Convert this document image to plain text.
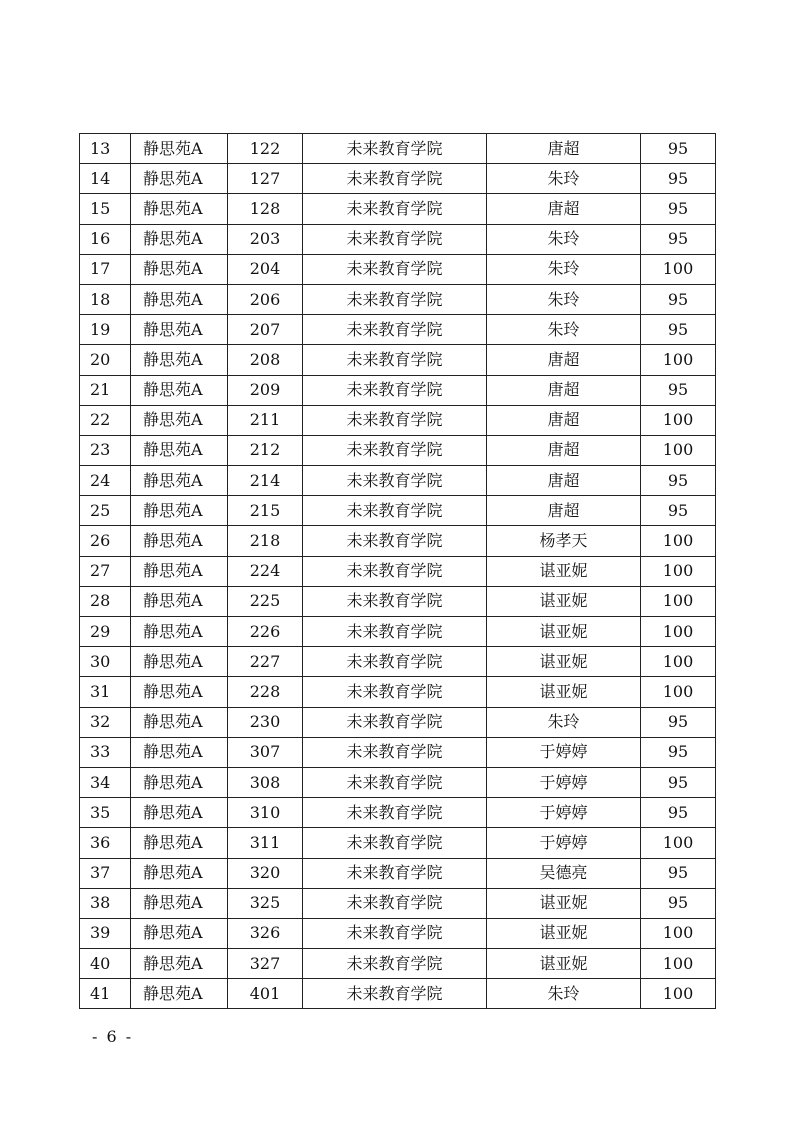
13	静思苑A	122	未来教育学院	唐超	95
14	静思苑A	127	未来教育学院	朱玲	95
15	静思苑A	128	未来教育学院	唐超	95
16	静思苑A	203	未来教育学院	朱玲	95
17	静思苑A	204	未来教育学院	朱玲	100
18	静思苑A	206	未来教育学院	朱玲	95
19	静思苑A	207	未来教育学院	朱玲	95
20	静思苑A	208	未来教育学院	唐超	100
21	静思苑A	209	未来教育学院	唐超	95
22	静思苑A	211	未来教育学院	唐超	100
23	静思苑A	212	未来教育学院	唐超	100
24	静思苑A	214	未来教育学院	唐超	95
25	静思苑A	215	未来教育学院	唐超	95
26	静思苑A	218	未来教育学院	杨孝天	100
27	静思苑A	224	未来教育学院	谌亚妮	100
28	静思苑A	225	未来教育学院	谌亚妮	100
29	静思苑A	226	未来教育学院	谌亚妮	100
30	静思苑A	227	未来教育学院	谌亚妮	100
31	静思苑A	228	未来教育学院	谌亚妮	100
32	静思苑A	230	未来教育学院	朱玲	95
33	静思苑A	307	未来教育学院	于婷婷	95
34	静思苑A	308	未来教育学院	于婷婷	95
35	静思苑A	310	未来教育学院	于婷婷	95
36	静思苑A	311	未来教育学院	于婷婷	100
37	静思苑A	320	未来教育学院	吴德亮	95
38	静思苑A	325	未来教育学院	谌亚妮	95
39	静思苑A	326	未来教育学院	谌亚妮	100
40	静思苑A	327	未来教育学院	谌亚妮	100
41	静思苑A	401	未来教育学院	朱玲	100
- 6 -
